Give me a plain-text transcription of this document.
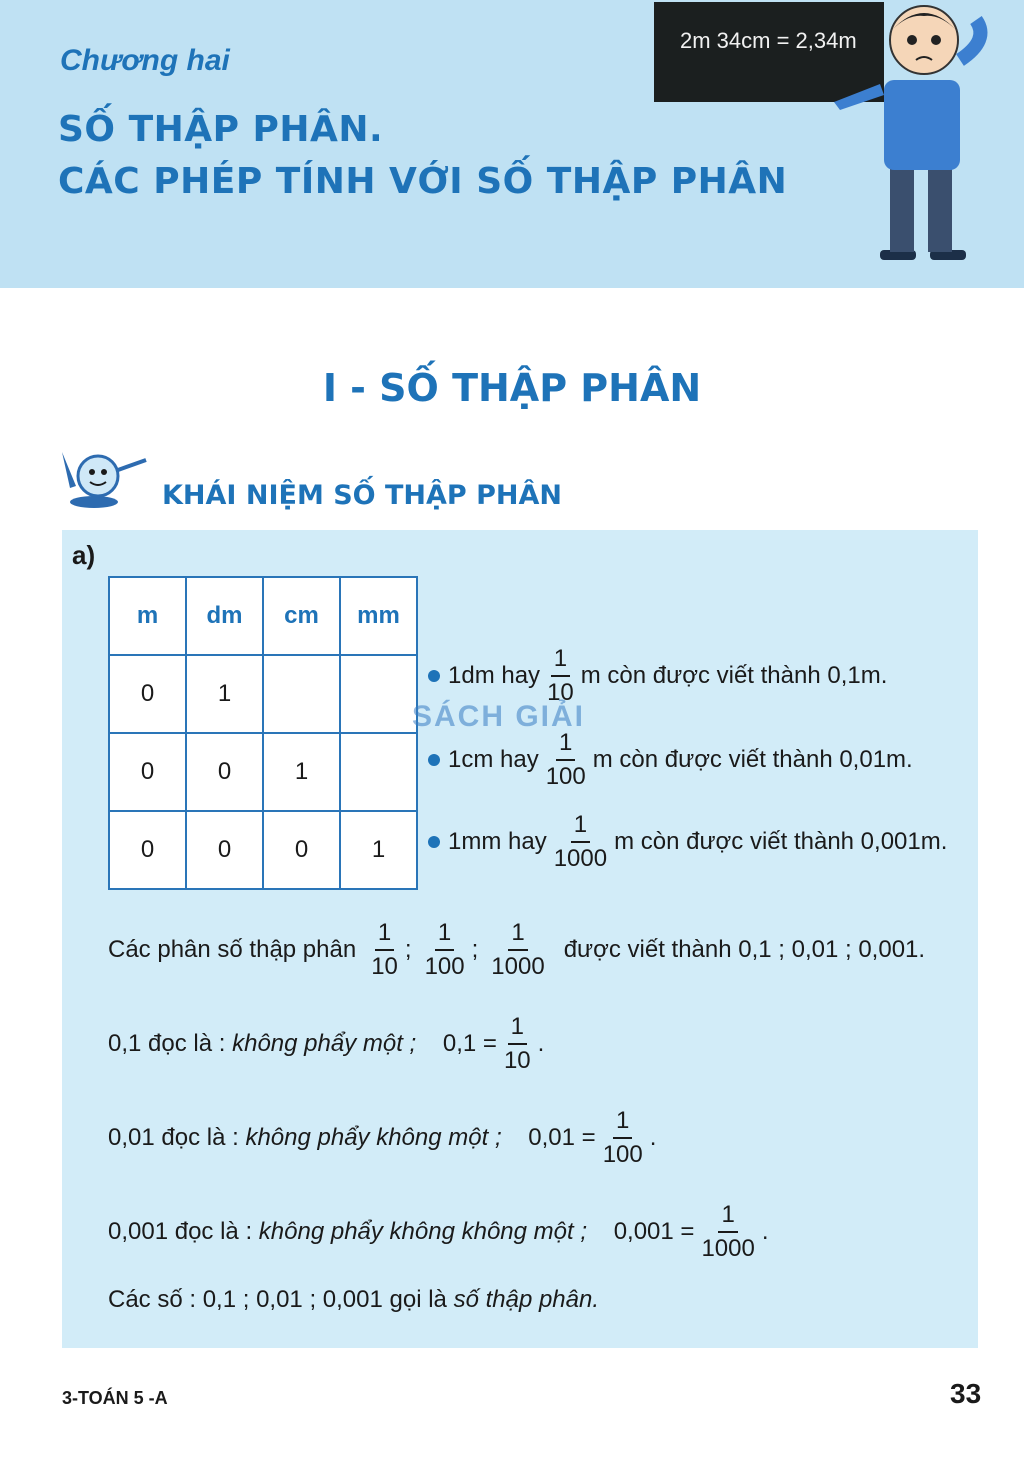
Chương hai
SỐ THẬP PHÂN.
CÁC PHÉP TÍNH VỚI SỐ THẬP PHÂN
2m 34cm = 2,34m
I - SỐ THẬP PHÂN
KHÁI NIỆM SỐ THẬP PHÂN
a)
m	dm	cm	mm
0	1		
0	0	1	
0	0	0	1
1dm hay $\frac{1}{10}$ m còn được viết thành 0,1m.
1cm hay $\frac{1}{100}$ m còn được viết thành 0,01m.
1mm hay $\frac{1}{1000}$ m còn được viết thành 0,001m.
SÁCH GIẢI
Các phân số thập phân $\frac{1}{10}$ ; $\frac{1}{100}$ ; $\frac{1}{1000}$ được viết thành 0,1 ; 0,01 ; 0,001.
0,1 đọc là :
không phẩy một ;
$0,1 = \frac{1}{10}$ .
0,01 đọc là :
không phẩy không một ;
$0,01 = \frac{1}{100}$ .
0,001 đọc là :
không phẩy không không một ;
$0,001 = \frac{1}{1000}$ .
Các số : 0,1 ; 0,01 ; 0,001 gọi là
số thập phân.
3-TOÁN 5 -A	33
